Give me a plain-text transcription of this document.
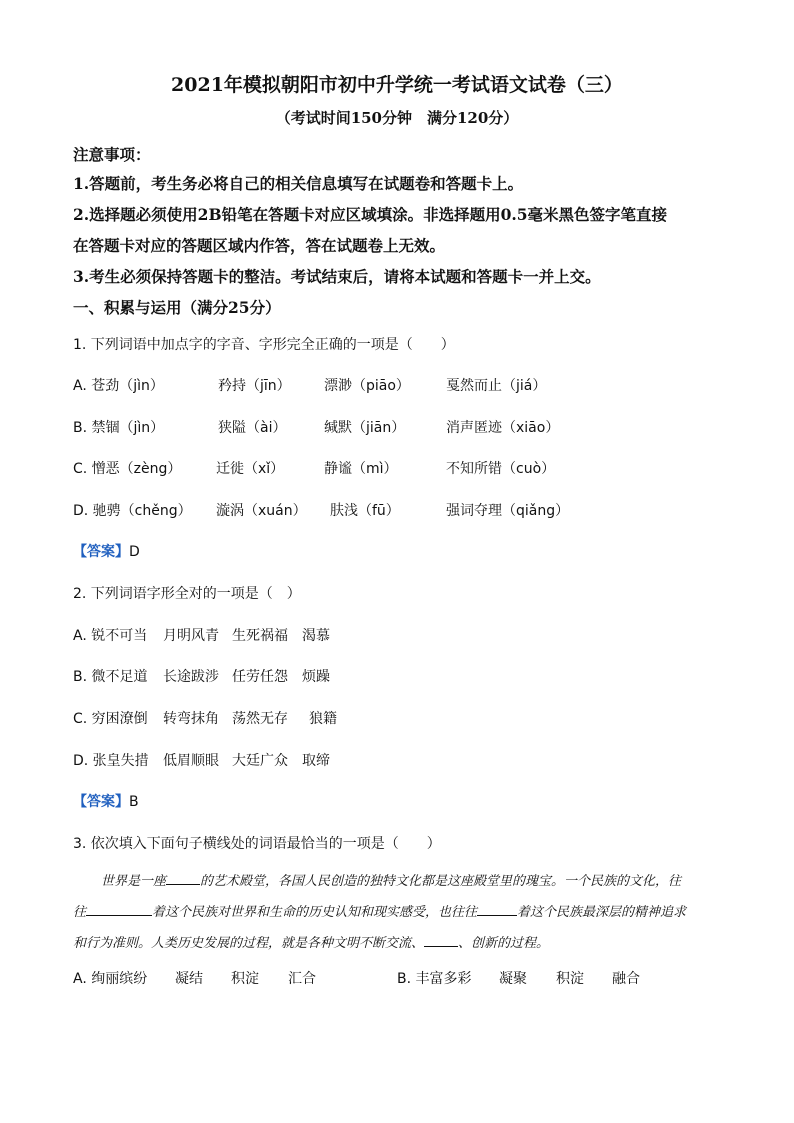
2021年模拟朝阳市初中升学统一考试语文试卷（三）
（考试时间150分钟　满分120分）
注意事项：
1.答题前，考生务必将自己的相关信息填写在试题卷和答题卡上。
2.选择题必须使用2B铅笔在答题卡对应区域填涂。非选择题用0.5毫米黑色签字笔直接
在答题卡对应的答题区域内作答，答在试题卷上无效。
3.考生必须保持答题卡的整洁。考试结束后，请将本试题和答题卡一并上交。
一、积累与运用（满分25分）
1. 下列词语中加点字的字音、字形完全正确的一项是（　　）
A. 苍劲（jìn）	矜持（jīn） 漂渺（piāo）	戛然而止（jiá）
B. 禁锢（jìn）	狭隘（ài）	缄默（jiān）	消声匿迹（xiāo）
C. 憎恶（zèng） 迁徙（xǐ）	静谧（mì）	不知所错（cuò）
D. 驰骋（chěng） 漩涡（xuán） 肤浅（fū）	强词夺理（qiǎng）
【答案】D
2. 下列词语字形全对的一项是（　）
A. 锐不可当 月明风青 生死祸福 渴慕
B. 微不足道 长途跋涉 任劳任怨 烦躁
C. 穷困潦倒 转弯抹角 荡然无存 狼籍
D. 张皇失措 低眉顺眼 大廷广众 取缔
【答案】B
3. 依次填入下面句子横线处的词语最恰当的一项是（　　）
世界是一座	的艺术殿堂，各国人民创造的独特文化都是这座殿堂里的瑰宝。一个民族的文化，往
往	着这个民族对世界和生命的历史认知和现实感受，也往往	着这个民族最深层的精神追求
和行为准则。人类历史发展的过程，就是各种文明不断交流、	、创新的过程。
A. 绚丽缤纷 凝结 积淀 汇合	B. 丰富多彩 凝聚 积淀 融合
